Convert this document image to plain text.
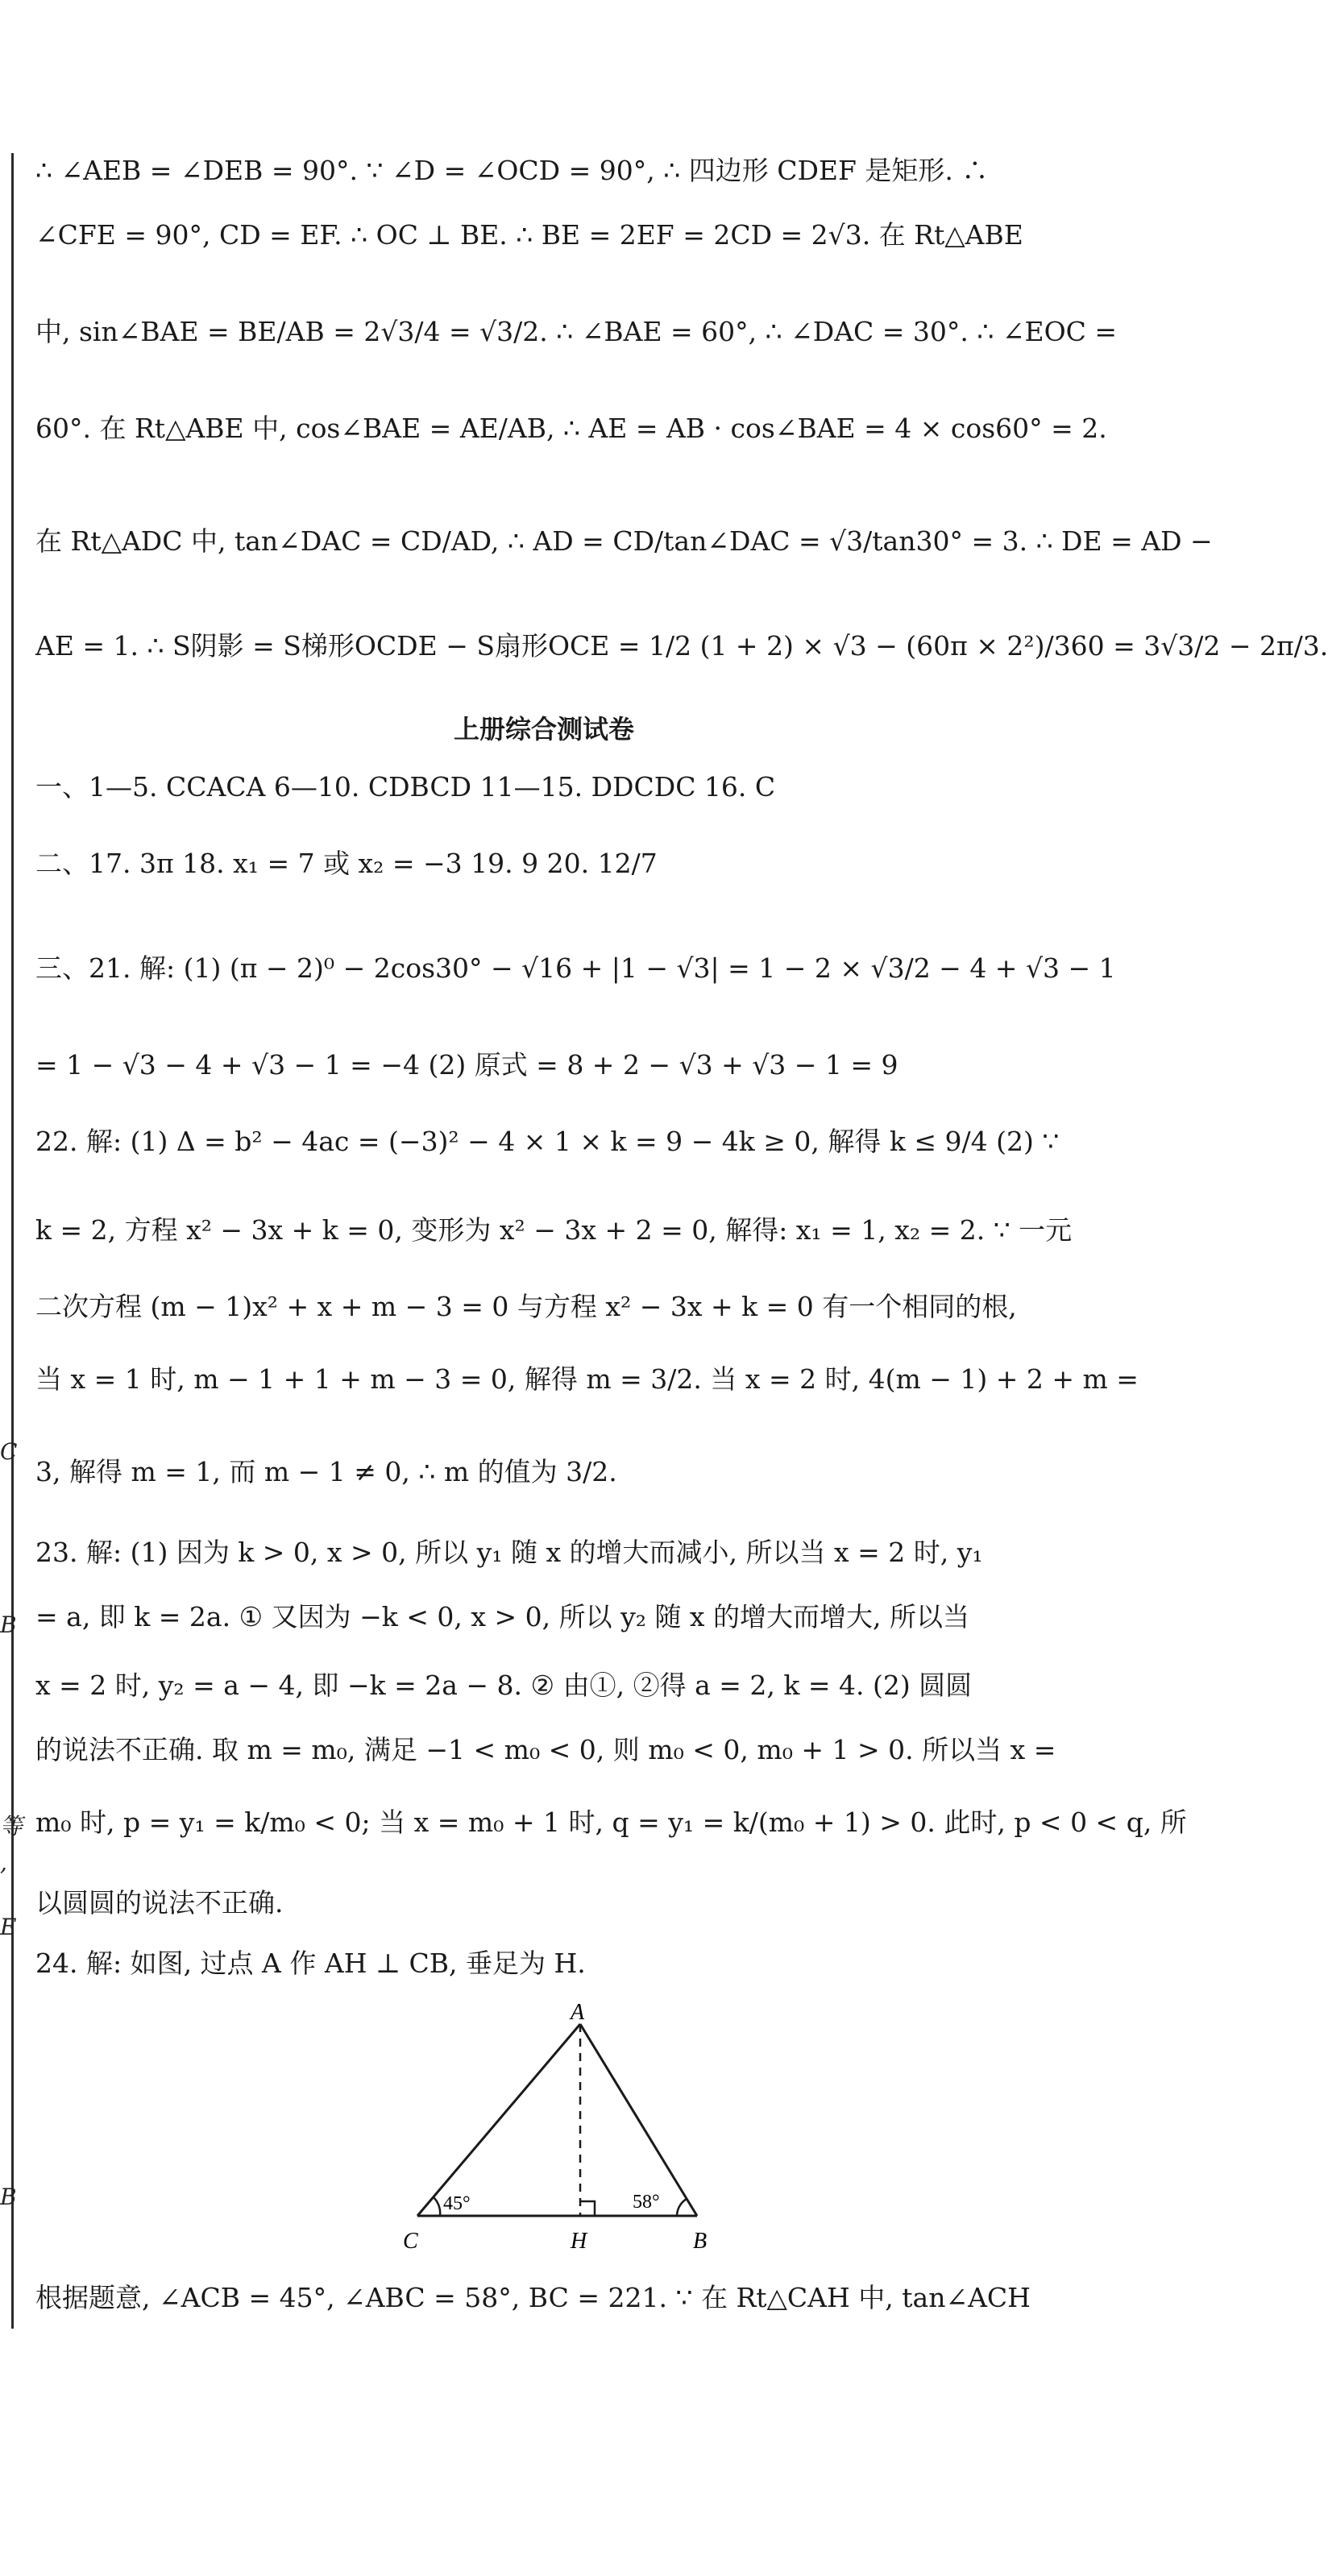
C
B
等
,
E
B
∴ ∠AEB = ∠DEB = 90°. ∵ ∠D = ∠OCD = 90°, ∴ 四边形 CDEF 是矩形. ∴
∠CFE = 90°, CD = EF. ∴ OC ⊥ BE. ∴ BE = 2EF = 2CD = 2√3. 在 Rt△ABE
中, sin∠BAE = BE/AB = 2√3/4 = √3/2. ∴ ∠BAE = 60°, ∴ ∠DAC = 30°. ∴ ∠EOC =
60°. 在 Rt△ABE 中, cos∠BAE = AE/AB, ∴ AE = AB · cos∠BAE = 4 × cos60° = 2.
在 Rt△ADC 中, tan∠DAC = CD/AD, ∴ AD = CD/tan∠DAC = √3/tan30° = 3. ∴ DE = AD −
AE = 1. ∴ S阴影 = S梯形OCDE − S扇形OCE = 1/2 (1 + 2) × √3 − (60π × 2²)/360 = 3√3/2 − 2π/3.
上册综合测试卷
一、1—5. CCACA 6—10. CDBCD 11—15. DDCDC 16. C
二、17. 3π 18. x₁ = 7 或 x₂ = −3 19. 9 20. 12/7
三、21. 解: (1) (π − 2)⁰ − 2cos30° − √16 + |1 − √3| = 1 − 2 × √3/2 − 4 + √3 − 1
= 1 − √3 − 4 + √3 − 1 = −4 (2) 原式 = 8 + 2 − √3 + √3 − 1 = 9
22. 解: (1) Δ = b² − 4ac = (−3)² − 4 × 1 × k = 9 − 4k ≥ 0, 解得 k ≤ 9/4 (2) ∵
k = 2, 方程 x² − 3x + k = 0, 变形为 x² − 3x + 2 = 0, 解得: x₁ = 1, x₂ = 2. ∵ 一元
二次方程 (m − 1)x² + x + m − 3 = 0 与方程 x² − 3x + k = 0 有一个相同的根,
当 x = 1 时, m − 1 + 1 + m − 3 = 0, 解得 m = 3/2. 当 x = 2 时, 4(m − 1) + 2 + m =
3, 解得 m = 1, 而 m − 1 ≠ 0, ∴ m 的值为 3/2.
23. 解: (1) 因为 k > 0, x > 0, 所以 y₁ 随 x 的增大而减小, 所以当 x = 2 时, y₁
= a, 即 k = 2a. ① 又因为 −k < 0, x > 0, 所以 y₂ 随 x 的增大而增大, 所以当
x = 2 时, y₂ = a − 4, 即 −k = 2a − 8. ② 由①, ②得 a = 2, k = 4. (2) 圆圆
的说法不正确. 取 m = m₀, 满足 −1 < m₀ < 0, 则 m₀ < 0, m₀ + 1 > 0. 所以当 x =
m₀ 时, p = y₁ = k/m₀ < 0; 当 x = m₀ + 1 时, q = y₁ = k/(m₀ + 1) > 0. 此时, p < 0 < q, 所
以圆圆的说法不正确.
24. 解: 如图, 过点 A 作 AH ⊥ CB, 垂足为 H.
A
C	H	B
45°	58°
根据题意, ∠ACB = 45°, ∠ABC = 58°, BC = 221. ∵ 在 Rt△CAH 中, tan∠ACH
